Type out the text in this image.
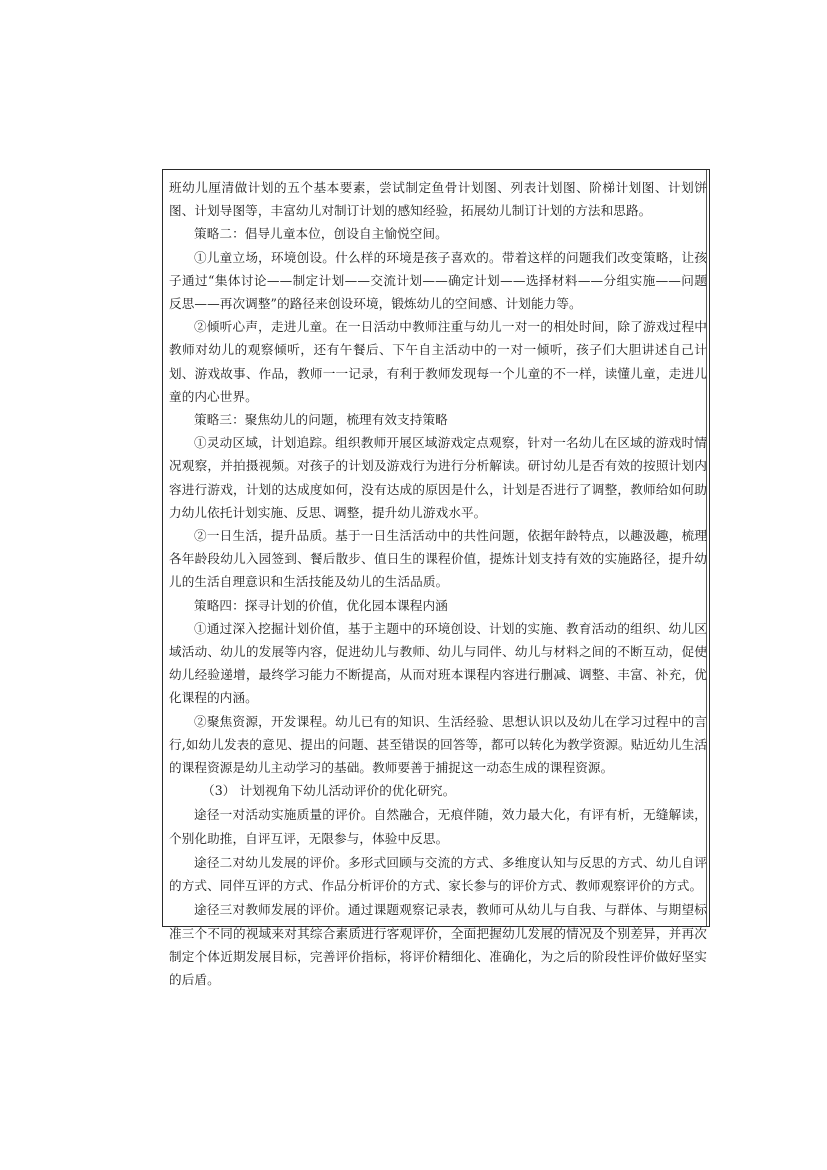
班幼儿厘清做计划的五个基本要素，尝试制定鱼骨计划图、列表计划图、阶梯计划图、计划饼图、计划导图等，丰富幼儿对制订计划的感知经验，拓展幼儿制订计划的方法和思路。

策略二：倡导儿童本位，创设自主愉悦空间。

①儿童立场，环境创设。什么样的环境是孩子喜欢的。带着这样的问题我们改变策略，让孩子通过“集体讨论——制定计划——交流计划——确定计划——选择材料——分组实施——问题反思——再次调整”的路径来创设环境，锻炼幼儿的空间感、计划能力等。

②倾听心声，走进儿童。在一日活动中教师注重与幼儿一对一的相处时间，除了游戏过程中教师对幼儿的观察倾听，还有午餐后、下午自主活动中的一对一倾听，孩子们大胆讲述自己计划、游戏故事、作品，教师一一记录，有利于教师发现每一个儿童的不一样，读懂儿童，走进儿童的内心世界。

策略三：聚焦幼儿的问题，梳理有效支持策略

①灵动区域，计划追踪。组织教师开展区域游戏定点观察，针对一名幼儿在区域的游戏时情况观察，并拍摄视频。对孩子的计划及游戏行为进行分析解读。研讨幼儿是否有效的按照计划内容进行游戏，计划的达成度如何，没有达成的原因是什么，计划是否进行了调整，教师给如何助力幼儿依托计划实施、反思、调整，提升幼儿游戏水平。

②一日生活，提升品质。基于一日生活活动中的共性问题，依据年龄特点，以趣汲趣，梳理各年龄段幼儿入园签到、餐后散步、值日生的课程价值，提炼计划支持有效的实施路径，提升幼儿的生活自理意识和生活技能及幼儿的生活品质。

策略四：探寻计划的价值，优化园本课程内涵

①通过深入挖掘计划价值，基于主题中的环境创设、计划的实施、教育活动的组织、幼儿区域活动、幼儿的发展等内容，促进幼儿与教师、幼儿与同伴、幼儿与材料之间的不断互动，促使幼儿经验递增，最终学习能力不断提高，从而对班本课程内容进行删减、调整、丰富、补充，优化课程的内涵。

②聚焦资源，开发课程。幼儿已有的知识、生活经验、思想认识以及幼儿在学习过程中的言行,如幼儿发表的意见、提出的问题、甚至错误的回答等，都可以转化为教学资源。贴近幼儿生活的课程资源是幼儿主动学习的基础。教师要善于捕捉这一动态生成的课程资源。

（3） 计划视角下幼儿活动评价的优化研究。

途径一对活动实施质量的评价。自然融合，无痕伴随，效力最大化，有评有析，无缝解读，个别化助推，自评互评，无限参与，体验中反思。

途径二对幼儿发展的评价。多形式回顾与交流的方式、多维度认知与反思的方式、幼儿自评的方式、同伴互评的方式、作品分析评价的方式、家长参与的评价方式、教师观察评价的方式。

途径三对教师发展的评价。通过课题观察记录表，教师可从幼儿与自我、与群体、与期望标准三个不同的视域来对其综合素质进行客观评价，全面把握幼儿发展的情况及个别差异，并再次制定个体近期发展目标，完善评价指标，将评价精细化、准确化，为之后的阶段性评价做好坚实的后盾。
